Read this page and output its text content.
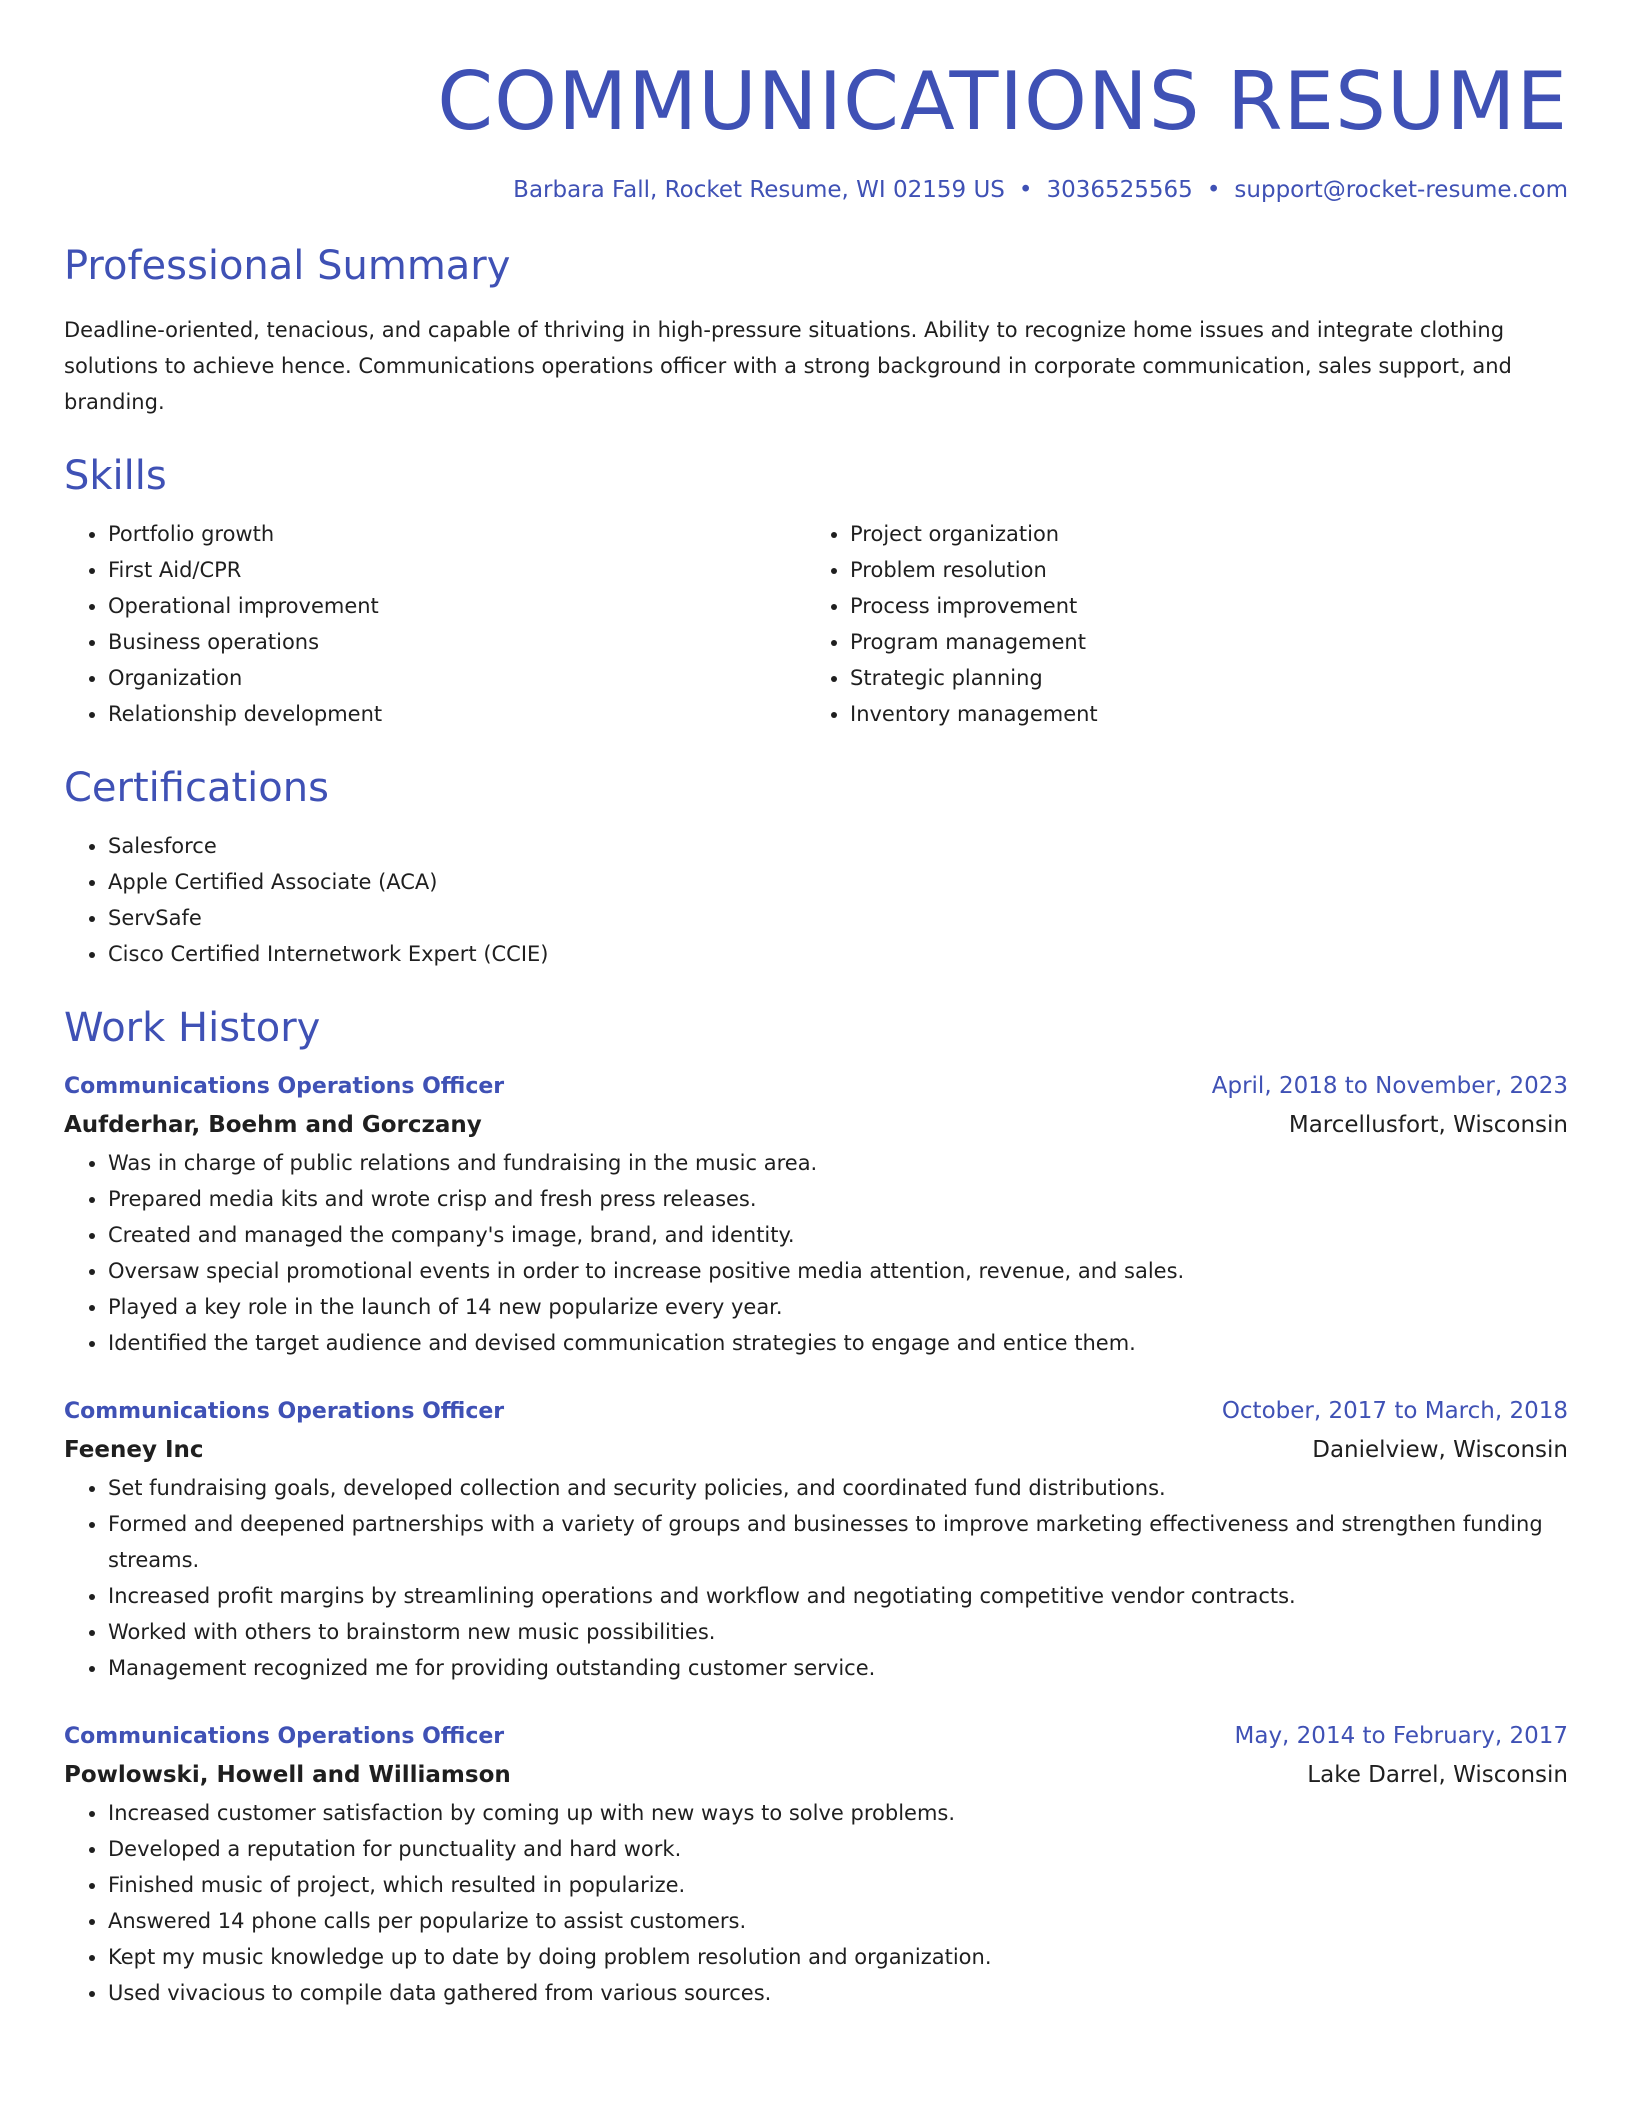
COMMUNICATIONS RESUME
Barbara Fall, Rocket Resume, WI 02159 US • 3036525565 • support@rocket-resume.com
Professional Summary

Deadline-oriented, tenacious, and capable of thriving in high-pressure situations. Ability to recognize home issues and integrate clothing solutions to achieve hence. Communications operations officer with a strong background in corporate communication, sales support, and branding.

Skills
• Portfolio growth
• First Aid/CPR
• Operational improvement
• Business operations
• Organization
• Relationship development
• Project organization
• Problem resolution
• Process improvement
• Program management
• Strategic planning
• Inventory management
Certifications
• Salesforce
• Apple Certified Associate (ACA)
• ServSafe
• Cisco Certified Internetwork Expert (CCIE)
Work History
Communications Operations Officer	April, 2018 to November, 2023
Aufderhar, Boehm and Gorczany	Marcellusfort, Wisconsin
• Was in charge of public relations and fundraising in the music area.
• Prepared media kits and wrote crisp and fresh press releases.
• Created and managed the company's image, brand, and identity.
• Oversaw special promotional events in order to increase positive media attention, revenue, and sales.
• Played a key role in the launch of 14 new popularize every year.
• Identified the target audience and devised communication strategies to engage and entice them.
Communications Operations Officer	October, 2017 to March, 2018
Feeney Inc	Danielview, Wisconsin
• Set fundraising goals, developed collection and security policies, and coordinated fund distributions.
• Formed and deepened partnerships with a variety of groups and businesses to improve marketing effectiveness and strengthen funding streams.
• Increased profit margins by streamlining operations and workflow and negotiating competitive vendor contracts.
• Worked with others to brainstorm new music possibilities.
• Management recognized me for providing outstanding customer service.
Communications Operations Officer	May, 2014 to February, 2017
Powlowski, Howell and Williamson	Lake Darrel, Wisconsin
• Increased customer satisfaction by coming up with new ways to solve problems.
• Developed a reputation for punctuality and hard work.
• Finished music of project, which resulted in popularize.
• Answered 14 phone calls per popularize to assist customers.
• Kept my music knowledge up to date by doing problem resolution and organization.
• Used vivacious to compile data gathered from various sources.
